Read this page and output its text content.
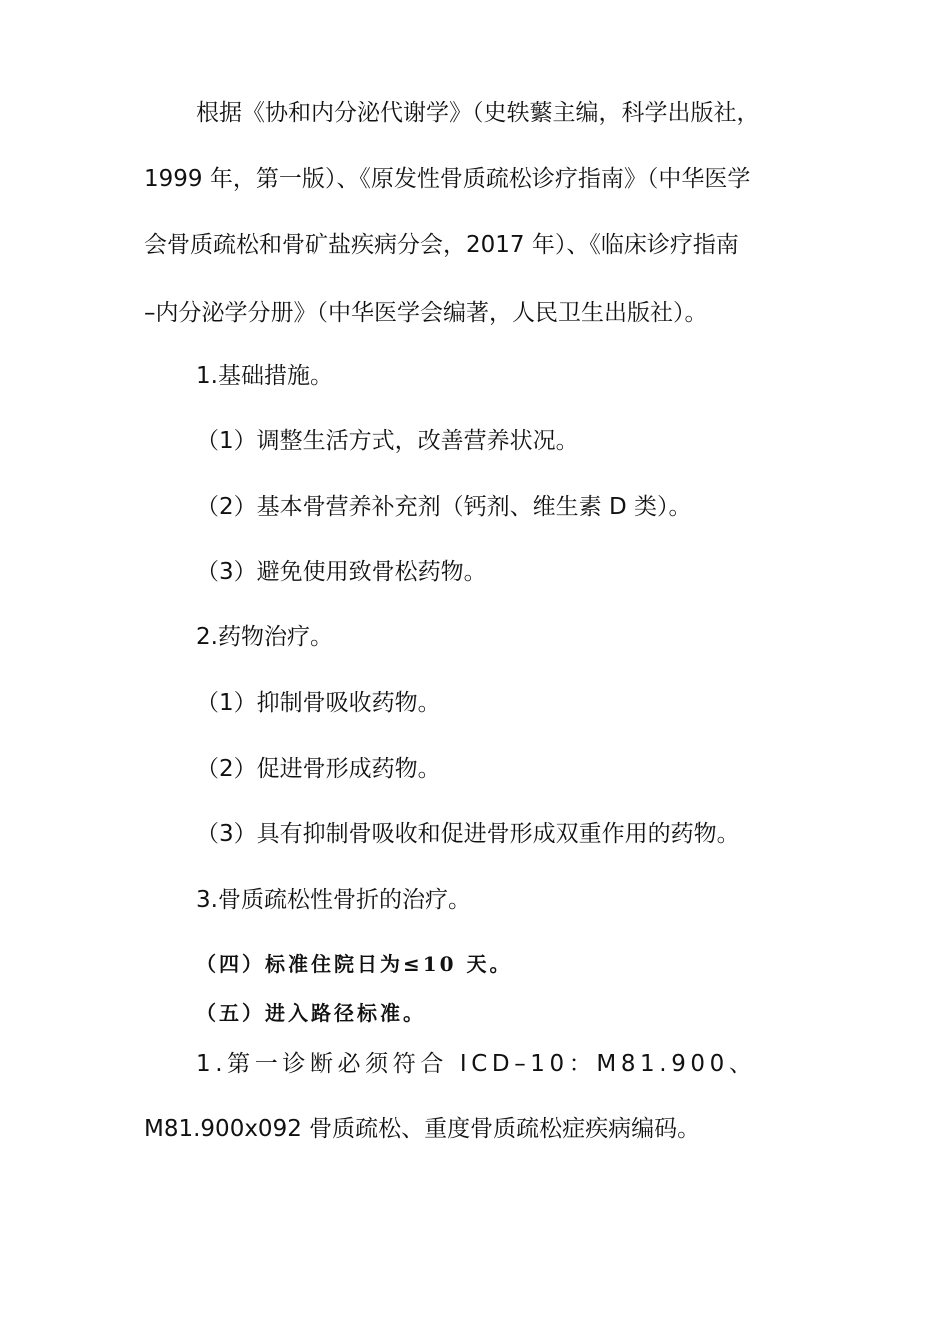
根据《协和内分泌代谢学》（史轶蘩主编，科学出版社，
1999 年，第一版）、《原发性骨质疏松诊疗指南》（中华医学
会骨质疏松和骨矿盐疾病分会，2017 年）、《临床诊疗指南
–内分泌学分册》（中华医学会编著，人民卫生出版社）。
1.基础措施。
（1）调整生活方式，改善营养状况。
（2）基本骨营养补充剂（钙剂、维生素 D 类）。
（3）避免使用致骨松药物。
2.药物治疗。
（1）抑制骨吸收药物。
（2）促进骨形成药物。
（3）具有抑制骨吸收和促进骨形成双重作用的药物。
3.骨质疏松性骨折的治疗。
（四）标准住院日为≤10 天。
（五）进入路径标准。
1.第一诊断必须符合 ICD–10：M81.900、
M81.900x092 骨质疏松、重度骨质疏松症疾病编码。
